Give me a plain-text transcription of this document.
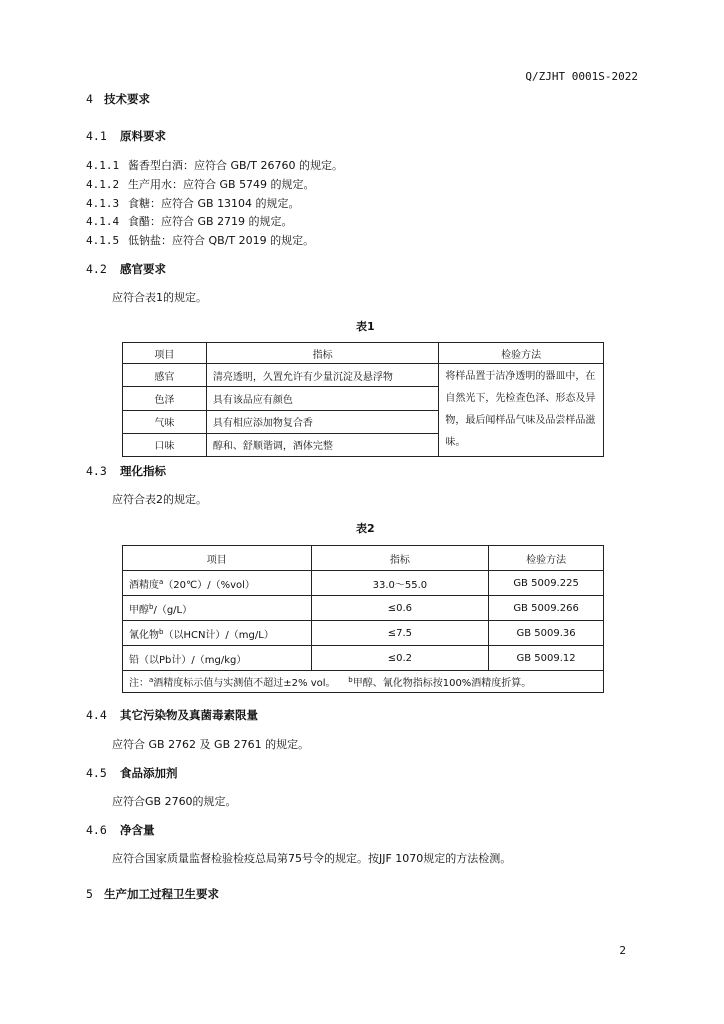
Q/ZJHT 0001S-2022
4 技术要求
4.1 原料要求
4.1.1 酱香型白酒：应符合 GB/T 26760 的规定。
4.1.2 生产用水：应符合 GB 5749 的规定。
4.1.3 食糖：应符合 GB 13104 的规定。
4.1.4 食醋：应符合 GB 2719 的规定。
4.1.5 低钠盐：应符合 QB/T 2019 的规定。
4.2 感官要求
应符合表1的规定。
表1
项目	指标	检验方法
感官	清亮透明，久置允许有少量沉淀及悬浮物	将样品置于洁净透明的器皿中，在自然光下，先检查色泽、形态及异物，最后闻样品气味及品尝样品滋味。
色泽	具有该品应有颜色	
气味	具有相应添加物复合香	
口味	醇和、舒顺谐调，酒体完整	
4.3 理化指标
应符合表2的规定。
表2
项目	指标	检验方法
酒精度$^a$（20℃）/（%vol）	33.0～55.0	GB 5009.225
甲醇$^b$/（g/L）	≤0.6	GB 5009.266
氰化物$^b$（以HCN计）/（mg/L）	≤7.5	GB 5009.36
铅（以Pb计）/（mg/kg）	≤0.2	GB 5009.12
注：$^a$酒精度标示值与实测值不超过±2% vol。 $^b$甲醇、氰化物指标按100%酒精度折算。		
4.4 其它污染物及真菌毒素限量
应符合 GB 2762 及 GB 2761 的规定。
4.5 食品添加剂
应符合GB 2760的规定。
4.6 净含量
应符合国家质量监督检验检疫总局第75号令的规定。按JJF 1070规定的方法检测。
5 生产加工过程卫生要求
2
